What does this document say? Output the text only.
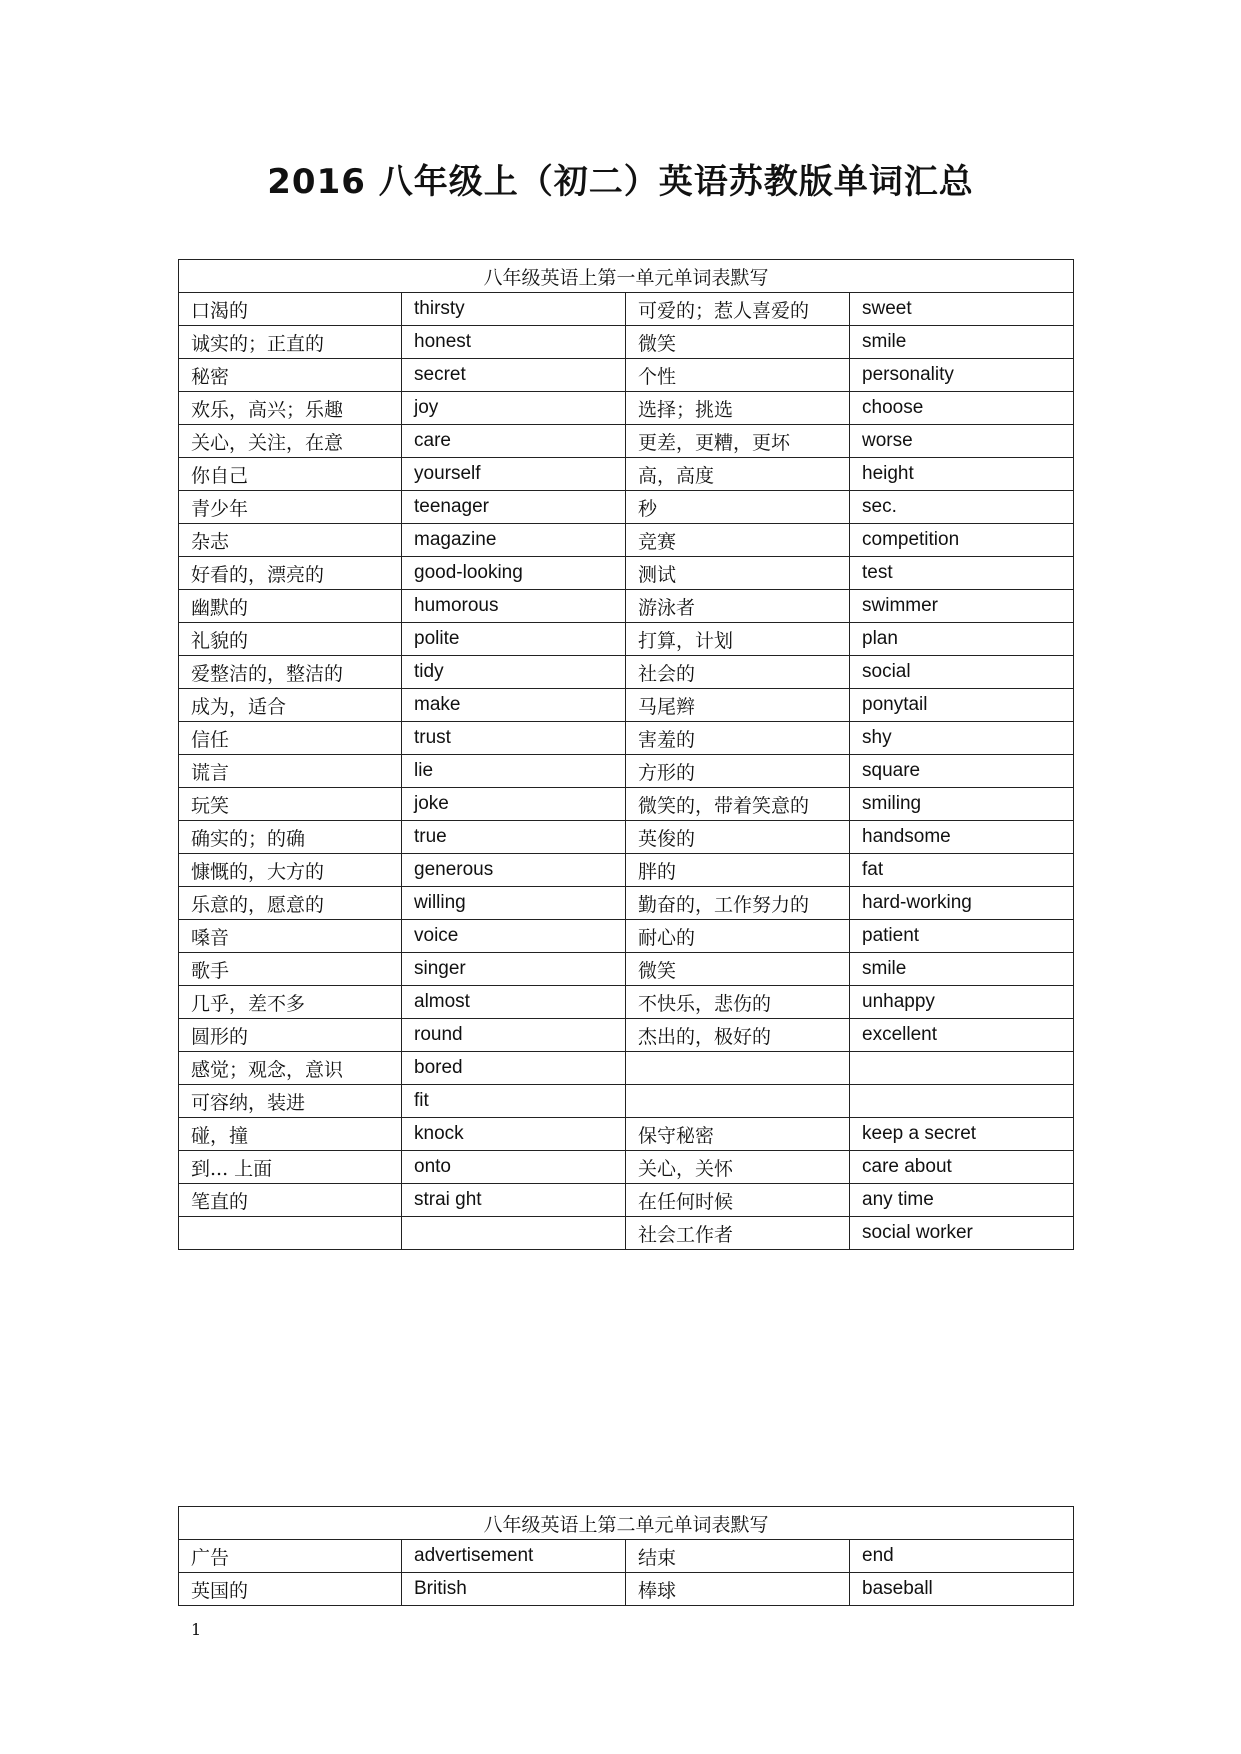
2016 八年级上（初二）英语苏教版单词汇总
八年级英语上第一单元单词表默写			
口渴的	thirsty	可爱的；惹人喜爱的	sweet
诚实的；正直的	honest	微笑	smile
秘密	secret	个性	personality
欢乐，高兴；乐趣	joy	选择；挑选	choose
关心，关注，在意	care	更差，更糟，更坏	worse
你自己	yourself	高，高度	height
青少年	teenager	秒	sec.
杂志	magazine	竞赛	competition
好看的，漂亮的	good-looking	测试	test
幽默的	humorous	游泳者	swimmer
礼貌的	polite	打算，计划	plan
爱整洁的，整洁的	tidy	社会的	social
成为，适合	make	马尾辫	ponytail
信任	trust	害羞的	shy
谎言	lie	方形的	square
玩笑	joke	微笑的，带着笑意的	smiling
确实的；的确	true	英俊的	handsome
慷慨的，大方的	generous	胖的	fat
乐意的，愿意的	willing	勤奋的，工作努力的	hard-working
嗓音	voice	耐心的	patient
歌手	singer	微笑	smile
几乎，差不多	almost	不快乐，悲伤的	unhappy
圆形的	round	杰出的，极好的	excellent
感觉；观念，意识	bored		
可容纳，装进	fit		
碰，撞	knock	保守秘密	keep a secret
到... 上面	onto	关心，关怀	care about
笔直的	strai ght	在任何时候	any time
		社会工作者	social worker
八年级英语上第二单元单词表默写			
广告	advertisement	结束	end
英国的	British	棒球	baseball
1
